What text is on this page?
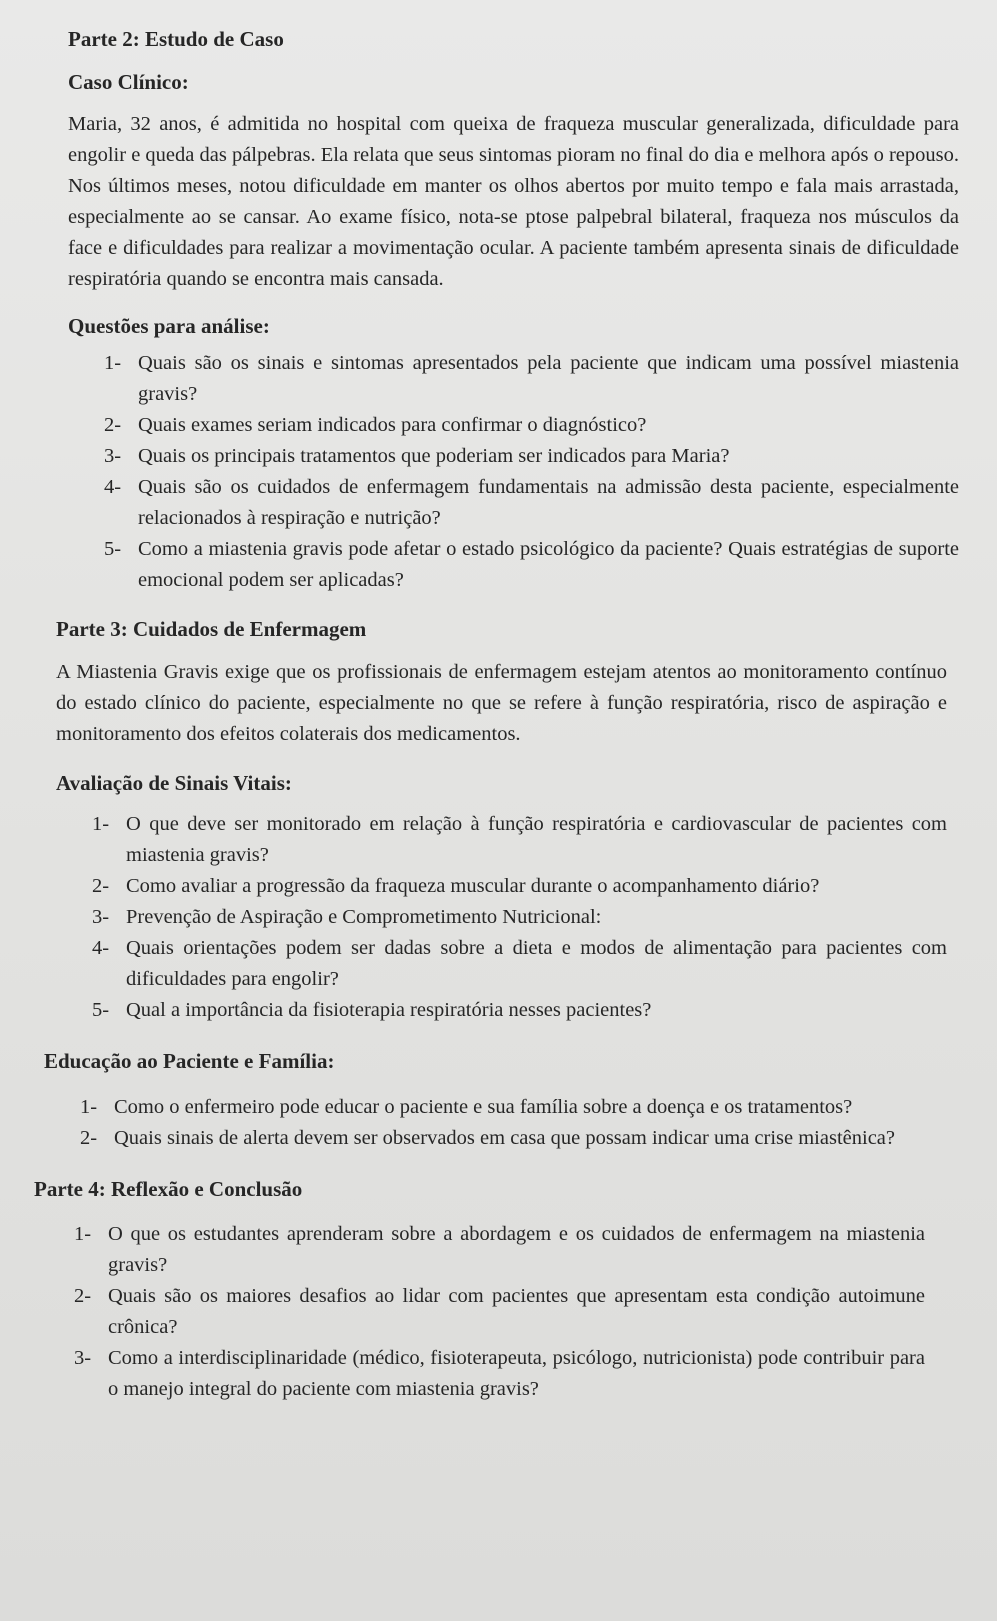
Parte 2: Estudo de Caso
Caso Clínico:

Maria, 32 anos, é admitida no hospital com queixa de fraqueza muscular generalizada, dificuldade para engolir e queda das pálpebras. Ela relata que seus sintomas pioram no final do dia e melhora após o repouso. Nos últimos meses, notou dificuldade em manter os olhos abertos por muito tempo e fala mais arrastada, especialmente ao se cansar. Ao exame físico, nota-se ptose palpebral bilateral, fraqueza nos músculos da face e dificuldades para realizar a movimentação ocular. A paciente também apresenta sinais de dificuldade respiratória quando se encontra mais cansada.

Questões para análise:
1- Quais são os sinais e sintomas apresentados pela paciente que indicam uma possível miastenia gravis?
2- Quais exames seriam indicados para confirmar o diagnóstico?
3- Quais os principais tratamentos que poderiam ser indicados para Maria?
4- Quais são os cuidados de enfermagem fundamentais na admissão desta paciente, especialmente relacionados à respiração e nutrição?
5- Como a miastenia gravis pode afetar o estado psicológico da paciente? Quais estratégias de suporte emocional podem ser aplicadas?
Parte 3: Cuidados de Enfermagem

A Miastenia Gravis exige que os profissionais de enfermagem estejam atentos ao monitoramento contínuo do estado clínico do paciente, especialmente no que se refere à função respiratória, risco de aspiração e monitoramento dos efeitos colaterais dos medicamentos.

Avaliação de Sinais Vitais:
1- O que deve ser monitorado em relação à função respiratória e cardiovascular de pacientes com miastenia gravis?
2- Como avaliar a progressão da fraqueza muscular durante o acompanhamento diário?
3- Prevenção de Aspiração e Comprometimento Nutricional:
4- Quais orientações podem ser dadas sobre a dieta e modos de alimentação para pacientes com dificuldades para engolir?
5- Qual a importância da fisioterapia respiratória nesses pacientes?
Educação ao Paciente e Família:
1- Como o enfermeiro pode educar o paciente e sua família sobre a doença e os tratamentos?
2- Quais sinais de alerta devem ser observados em casa que possam indicar uma crise miastênica?
Parte 4: Reflexão e Conclusão
1- O que os estudantes aprenderam sobre a abordagem e os cuidados de enfermagem na miastenia gravis?
2- Quais são os maiores desafios ao lidar com pacientes que apresentam esta condição autoimune crônica?
3- Como a interdisciplinaridade (médico, fisioterapeuta, psicólogo, nutricionista) pode contribuir para o manejo integral do paciente com miastenia gravis?
